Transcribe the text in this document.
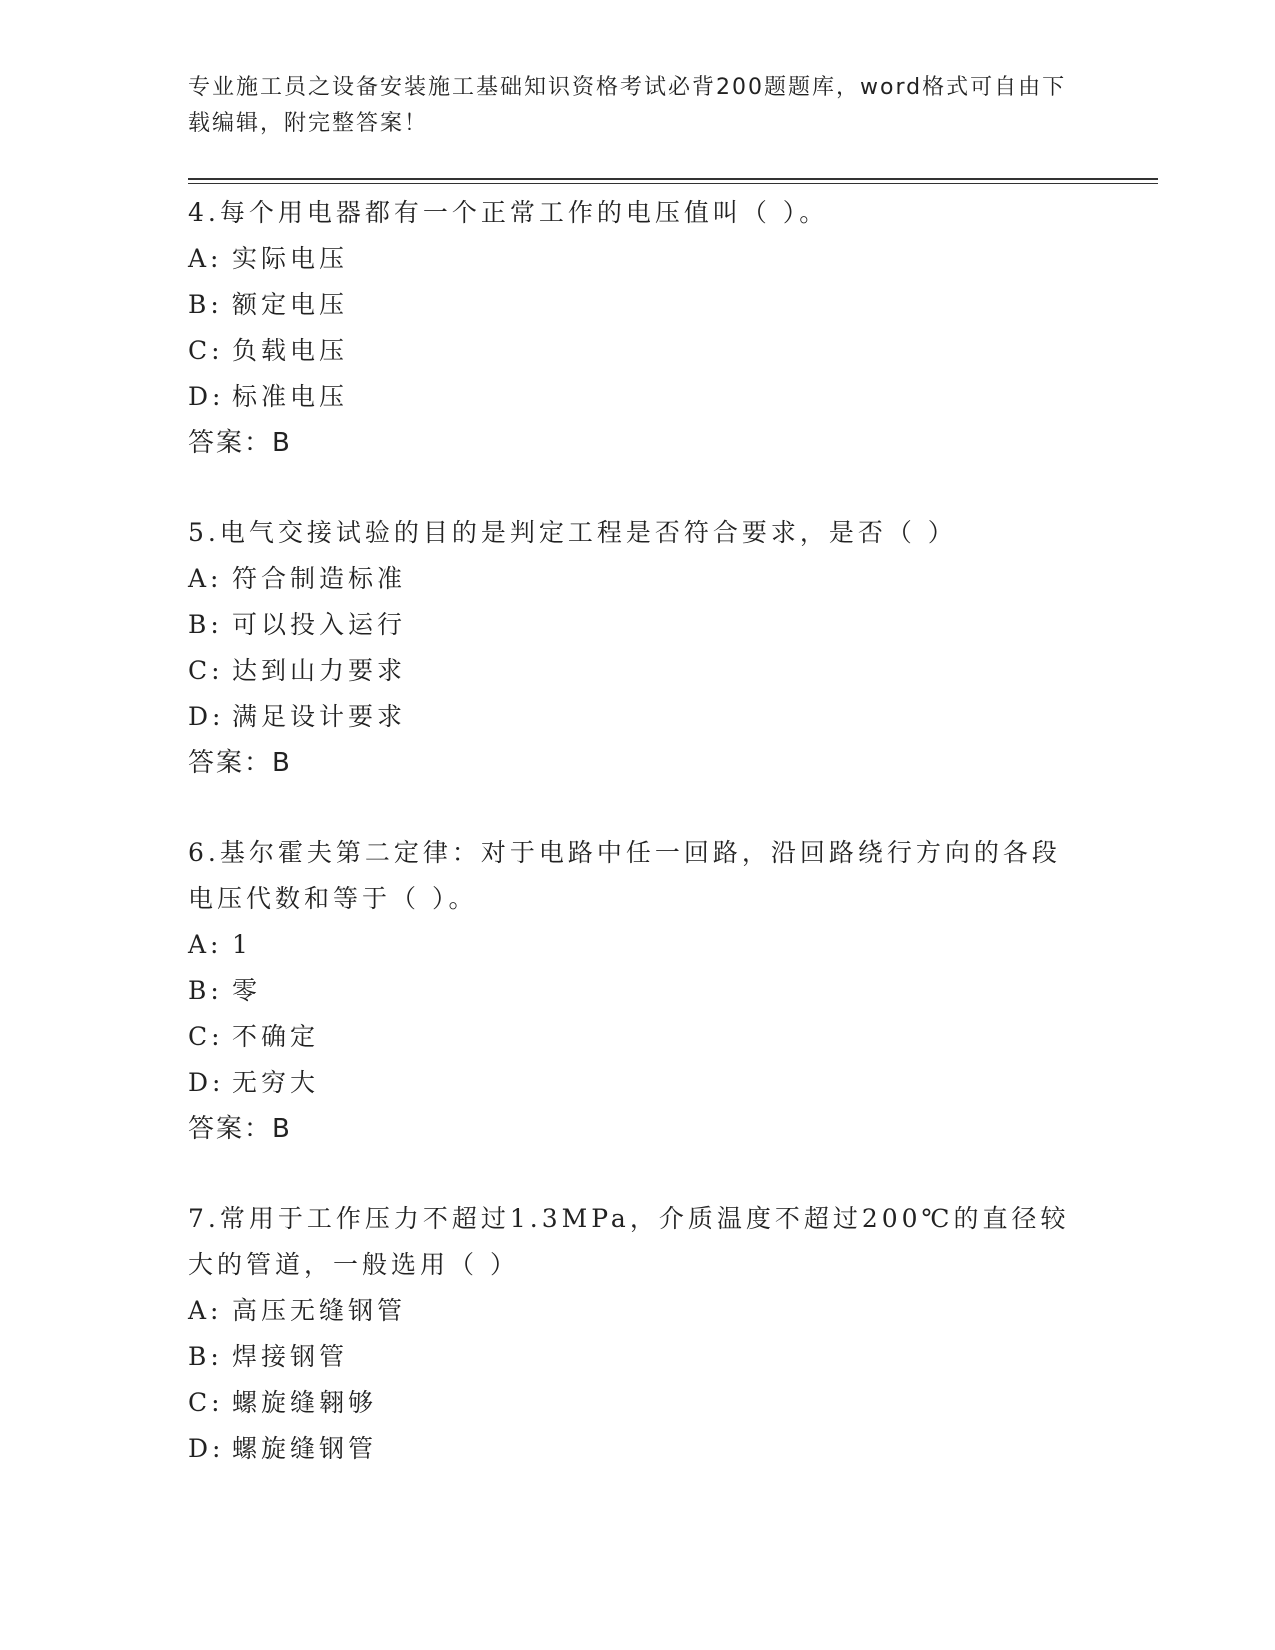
专业施工员之设备安装施工基础知识资格考试必背200题题库，word格式可自由下载编辑，附完整答案！

4.每个用电器都有一个正常工作的电压值叫（ ）。

A: 实际电压

B: 额定电压

C: 负载电压

D: 标准电压

答案：B

5.电气交接试验的目的是判定工程是否符合要求，是否（ ）

A: 符合制造标准

B: 可以投入运行

C: 达到山力要求

D: 满足设计要求

答案：B

6.基尔霍夫第二定律：对于电路中任一回路，沿回路绕行方向的各段电压代数和等于（ ）。

A: 1

B: 零

C: 不确定

D: 无穷大

答案：B

7.常用于工作压力不超过1.3MPa，介质温度不超过200℃的直径较大的管道，一般选用（ ）

A: 高压无缝钢管

B: 焊接钢管

C: 螺旋缝翱够

D: 螺旋缝钢管
